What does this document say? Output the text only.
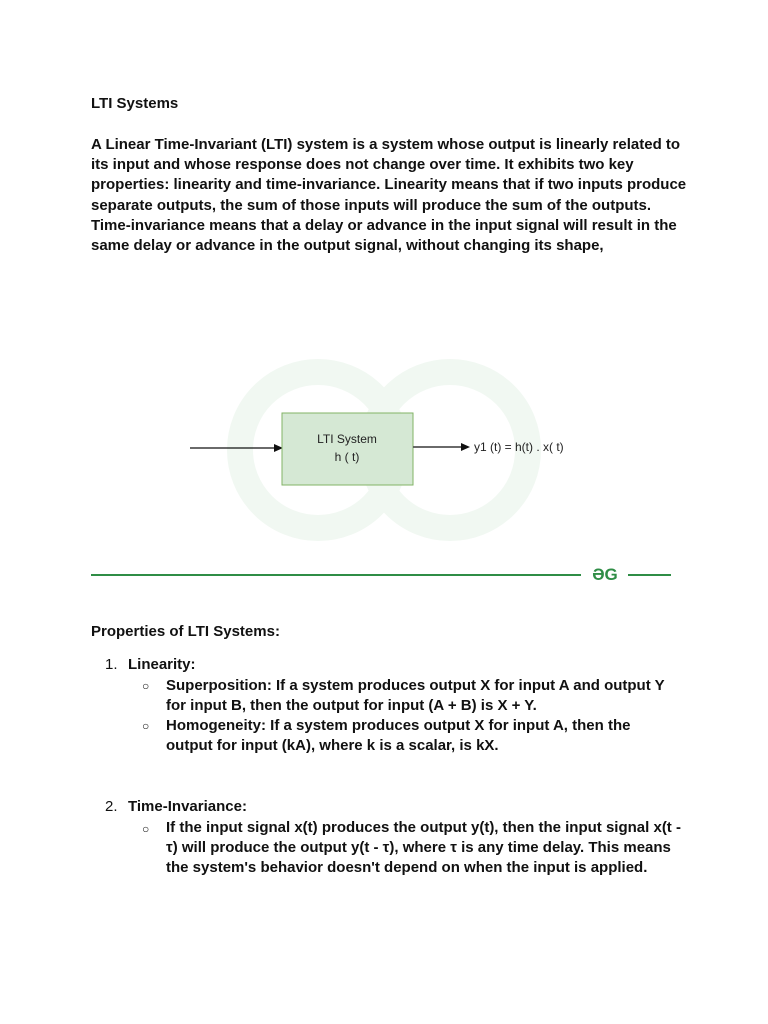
LTI Systems

A Linear Time-Invariant (LTI) system is a system whose output is linearly related to its input and whose response does not change over time. It exhibits two key properties: linearity and time-invariance. Linearity means that if two inputs produce separate outputs, the sum of those inputs will produce the sum of the outputs. Time-invariance means that a delay or advance in the input signal will result in the same delay or advance in the output signal, without changing its shape,

LTI System
h ( t)
y1 (t) = h(t) . x( t)
ƏG
Properties of LTI Systems:
1. Linearity:
○ Superposition: If a system produces output X for input A and output Y for input B, then the output for input (A + B) is X + Y.
○ Homogeneity: If a system produces output X for input A, then the output for input (kA), where k is a scalar, is kX.
2. Time-Invariance:
○ If the input signal x(t) produces the output y(t), then the input signal x(t - τ) will produce the output y(t - τ), where τ is any time delay. This means the system's behavior doesn't depend on when the input is applied.
